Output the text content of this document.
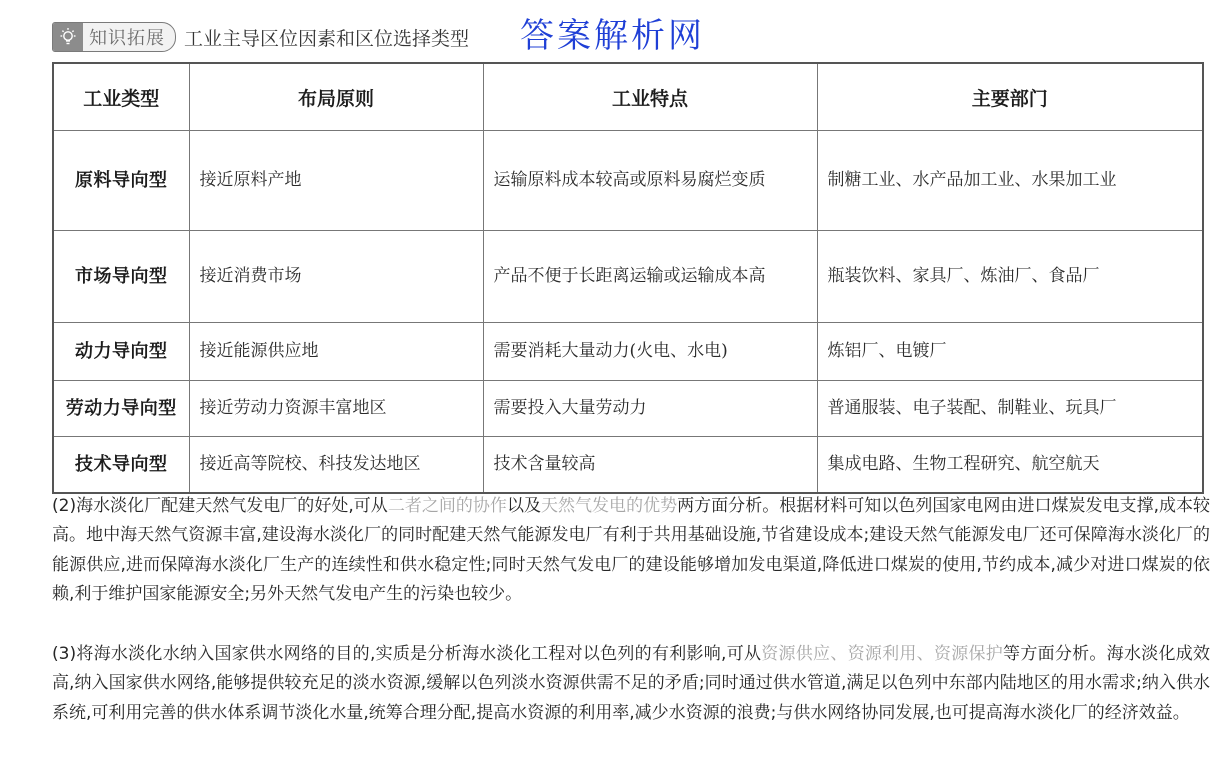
知识拓展 工业主导区位因素和区位选择类型 答案解析网
工业类型	布局原则	工业特点	主要部门
原料导向型	接近原料产地	运输原料成本较高或原料易腐烂变质	制糖工业、水产品加工业、水果加工业
市场导向型	接近消费市场	产品不便于长距离运输或运输成本高	瓶装饮料、家具厂、炼油厂、食品厂
动力导向型	接近能源供应地	需要消耗大量动力(火电、水电)	炼铝厂、电镀厂
劳动力导向型	接近劳动力资源丰富地区	需要投入大量劳动力	普通服装、电子装配、制鞋业、玩具厂
技术导向型	接近高等院校、科技发达地区	技术含量较高	集成电路、生物工程研究、航空航天

(2)海水淡化厂配建天然气发电厂的好处,可从二者之间的协作以及天然气发电的优势两方面分析。根据材料可知以色列国家电网由进口煤炭发电支撑,成本较高。地中海天然气资源丰富,建设海水淡化厂的同时配建天然气能源发电厂有利于共用基础设施,节省建设成本;建设天然气能源发电厂还可保障海水淡化厂的能源供应,进而保障海水淡化厂生产的连续性和供水稳定性;同时天然气发电厂的建设能够增加发电渠道,降低进口煤炭的使用,节约成本,减少对进口煤炭的依赖,利于维护国家能源安全;另外天然气发电产生的污染也较少。

(3)将海水淡化水纳入国家供水网络的目的,实质是分析海水淡化工程对以色列的有利影响,可从资源供应、资源利用、资源保护等方面分析。海水淡化成效高,纳入国家供水网络,能够提供较充足的淡水资源,缓解以色列淡水资源供需不足的矛盾;同时通过供水管道,满足以色列中东部内陆地区的用水需求;纳入供水系统,可利用完善的供水体系调节淡化水量,统筹合理分配,提高水资源的利用率,减少水资源的浪费;与供水网络协同发展,也可提高海水淡化厂的经济效益。
